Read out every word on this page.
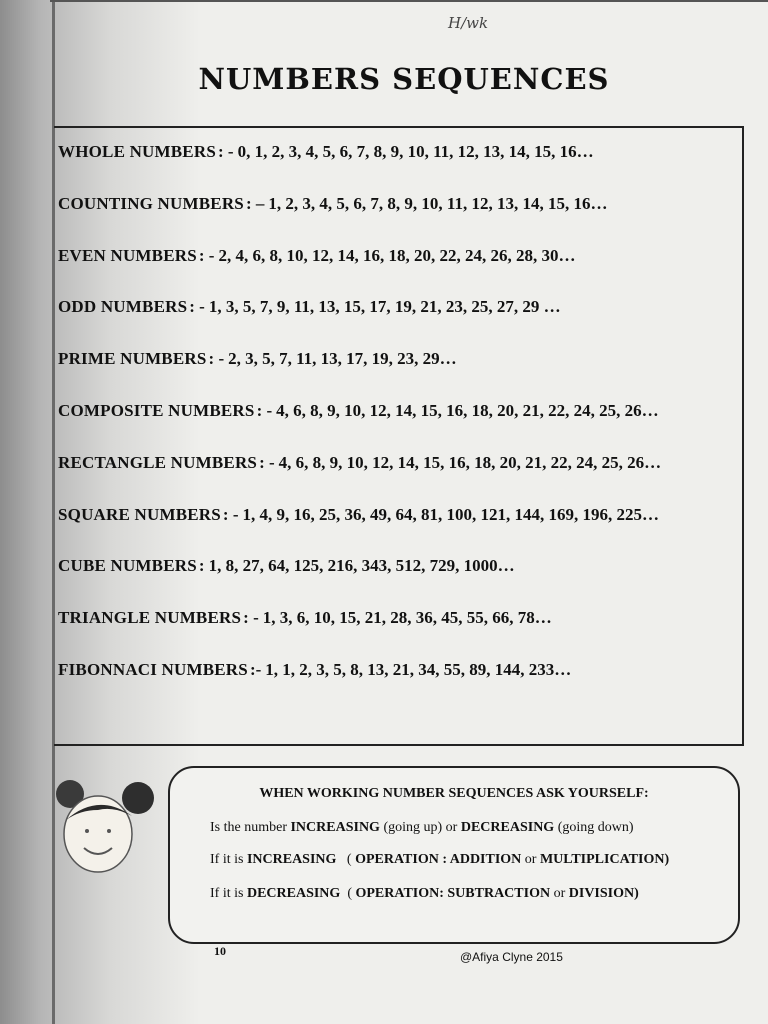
H/wk
NUMBERS SEQUENCES
WHOLE NUMBERS : - 0, 1, 2, 3, 4, 5, 6, 7, 8, 9, 10, 11, 12, 13, 14, 15, 16…
COUNTING NUMBERS : – 1, 2, 3, 4, 5, 6, 7, 8, 9, 10, 11, 12, 13, 14, 15, 16…
EVEN NUMBERS : - 2, 4, 6, 8, 10, 12, 14, 16, 18, 20, 22, 24, 26, 28, 30…
ODD NUMBERS : - 1, 3, 5, 7, 9, 11, 13, 15, 17, 19, 21, 23, 25, 27, 29 …
PRIME NUMBERS : - 2, 3, 5, 7, 11, 13, 17, 19, 23, 29…
COMPOSITE NUMBERS : - 4, 6, 8, 9, 10, 12, 14, 15, 16, 18, 20, 21, 22, 24, 25, 26…
RECTANGLE NUMBERS : - 4, 6, 8, 9, 10, 12, 14, 15, 16, 18, 20, 21, 22, 24, 25, 26…
SQUARE NUMBERS : - 1, 4, 9, 16, 25, 36, 49, 64, 81, 100, 121, 144, 169, 196, 225…
CUBE NUMBERS : 1, 8, 27, 64, 125, 216, 343, 512, 729, 1000…
TRIANGLE NUMBERS : - 1, 3, 6, 10, 15, 21, 28, 36, 45, 55, 66, 78…
FIBONNACI NUMBERS :- 1, 1, 2, 3, 5, 8, 13, 21, 34, 55, 89, 144, 233…
WHEN WORKING NUMBER SEQUENCES ASK YOURSELF:
Is the number INCREASING (going up) or DECREASING (going down)
If it is INCREASING   ( OPERATION : ADDITION or MULTIPLICATION)
If it is DECREASING  ( OPERATION: SUBTRACTION or DIVISION)
10	@Afiya Clyne 2015
